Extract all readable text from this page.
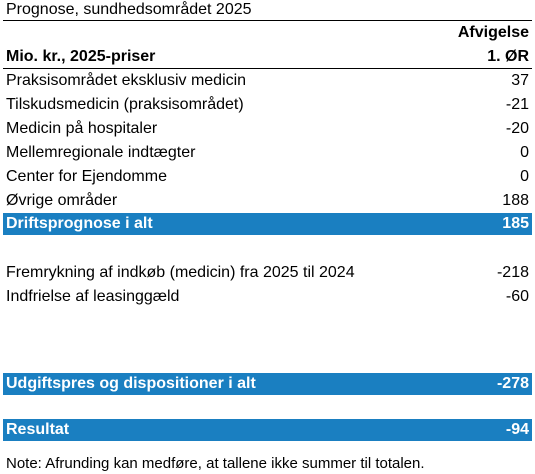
Prognose, sundhedsområdet 2025
Afvigelse
Mio. kr., 2025-priser	1. ØR
Praksisområdet eksklusiv medicin	37
Tilskudsmedicin (praksisområdet)	-21
Medicin på hospitaler	-20
Mellemregionale indtægter	0
Center for Ejendomme	0
Øvrige områder	188
Driftsprognose i alt	185
Fremrykning af indkøb (medicin) fra 2025 til 2024	-218
Indfrielse af leasinggæld	-60
Udgiftspres og dispositioner i alt	-278
Resultat	-94
Note: Afrunding kan medføre, at tallene ikke summer til totalen.
